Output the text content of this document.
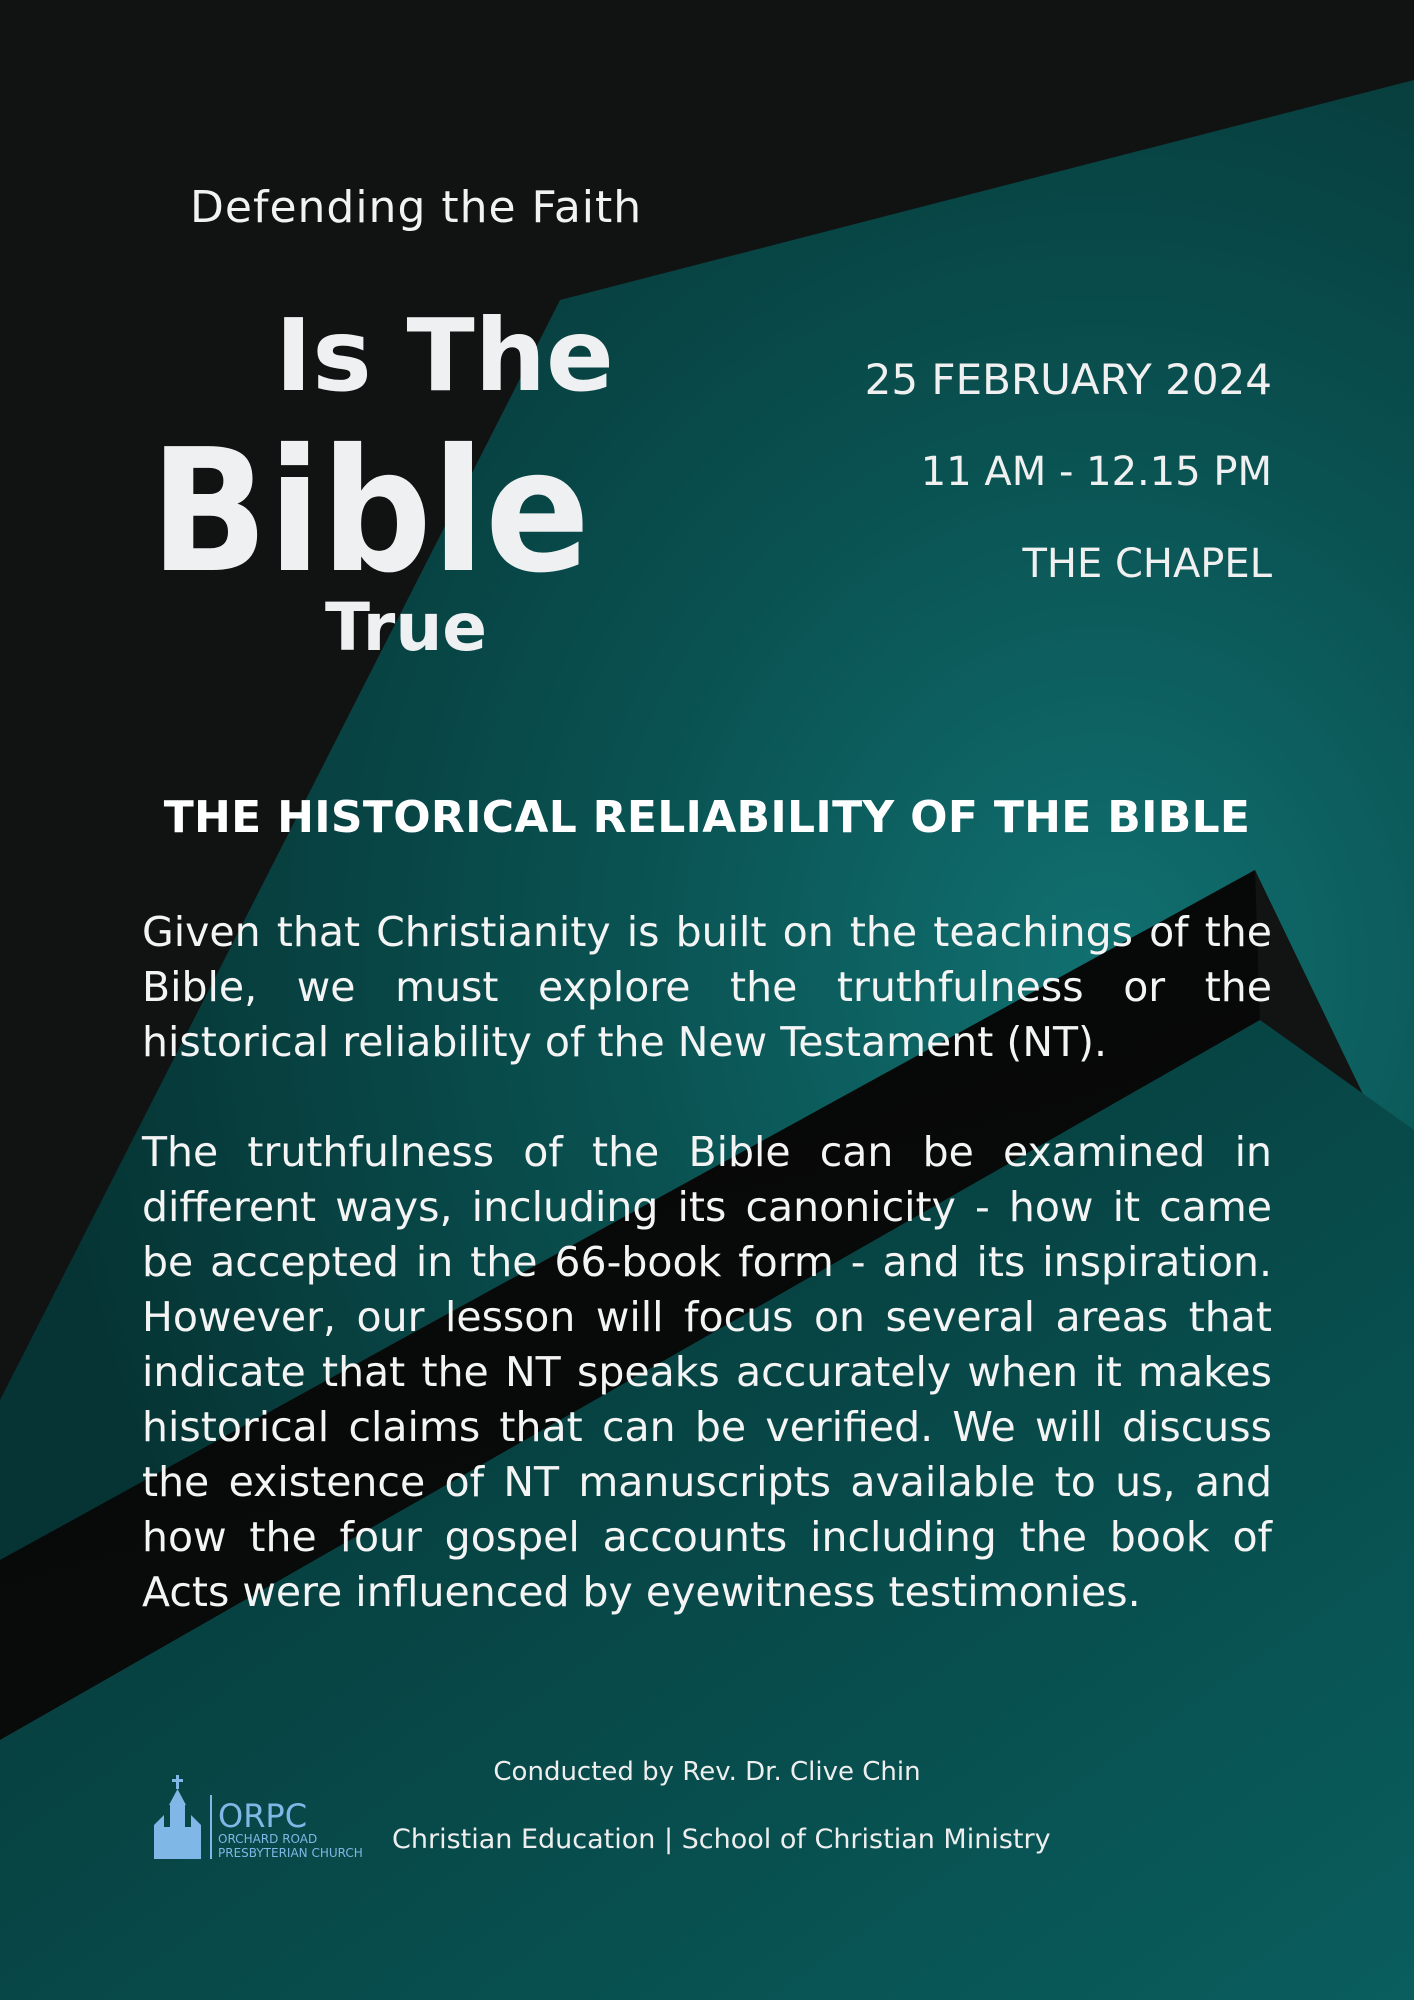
Defending the Faith
Is The
Bible
True
25 FEBRUARY 2024
11 AM - 12.15 PM
THE CHAPEL
THE HISTORICAL RELIABILITY OF THE BIBLE
Given that Christianity is built on the teachings of the Bible, we must explore the truthfulness or the historical reliability of the New Testament (NT).
The truthfulness of the Bible can be examined in different ways, including its canonicity - how it came be accepted in the 66-book form - and its inspiration. However, our lesson will focus on several areas that indicate that the NT speaks accurately when it makes historical claims that can be verified. We will discuss the existence of NT manuscripts available to us, and how the four gospel accounts including the book of Acts were influenced by eyewitness testimonies.
Conducted by Rev. Dr. Clive Chin
ORPC
ORCHARD ROAD
PRESBYTERIAN CHURCH Christian Education | School of Christian Ministry
